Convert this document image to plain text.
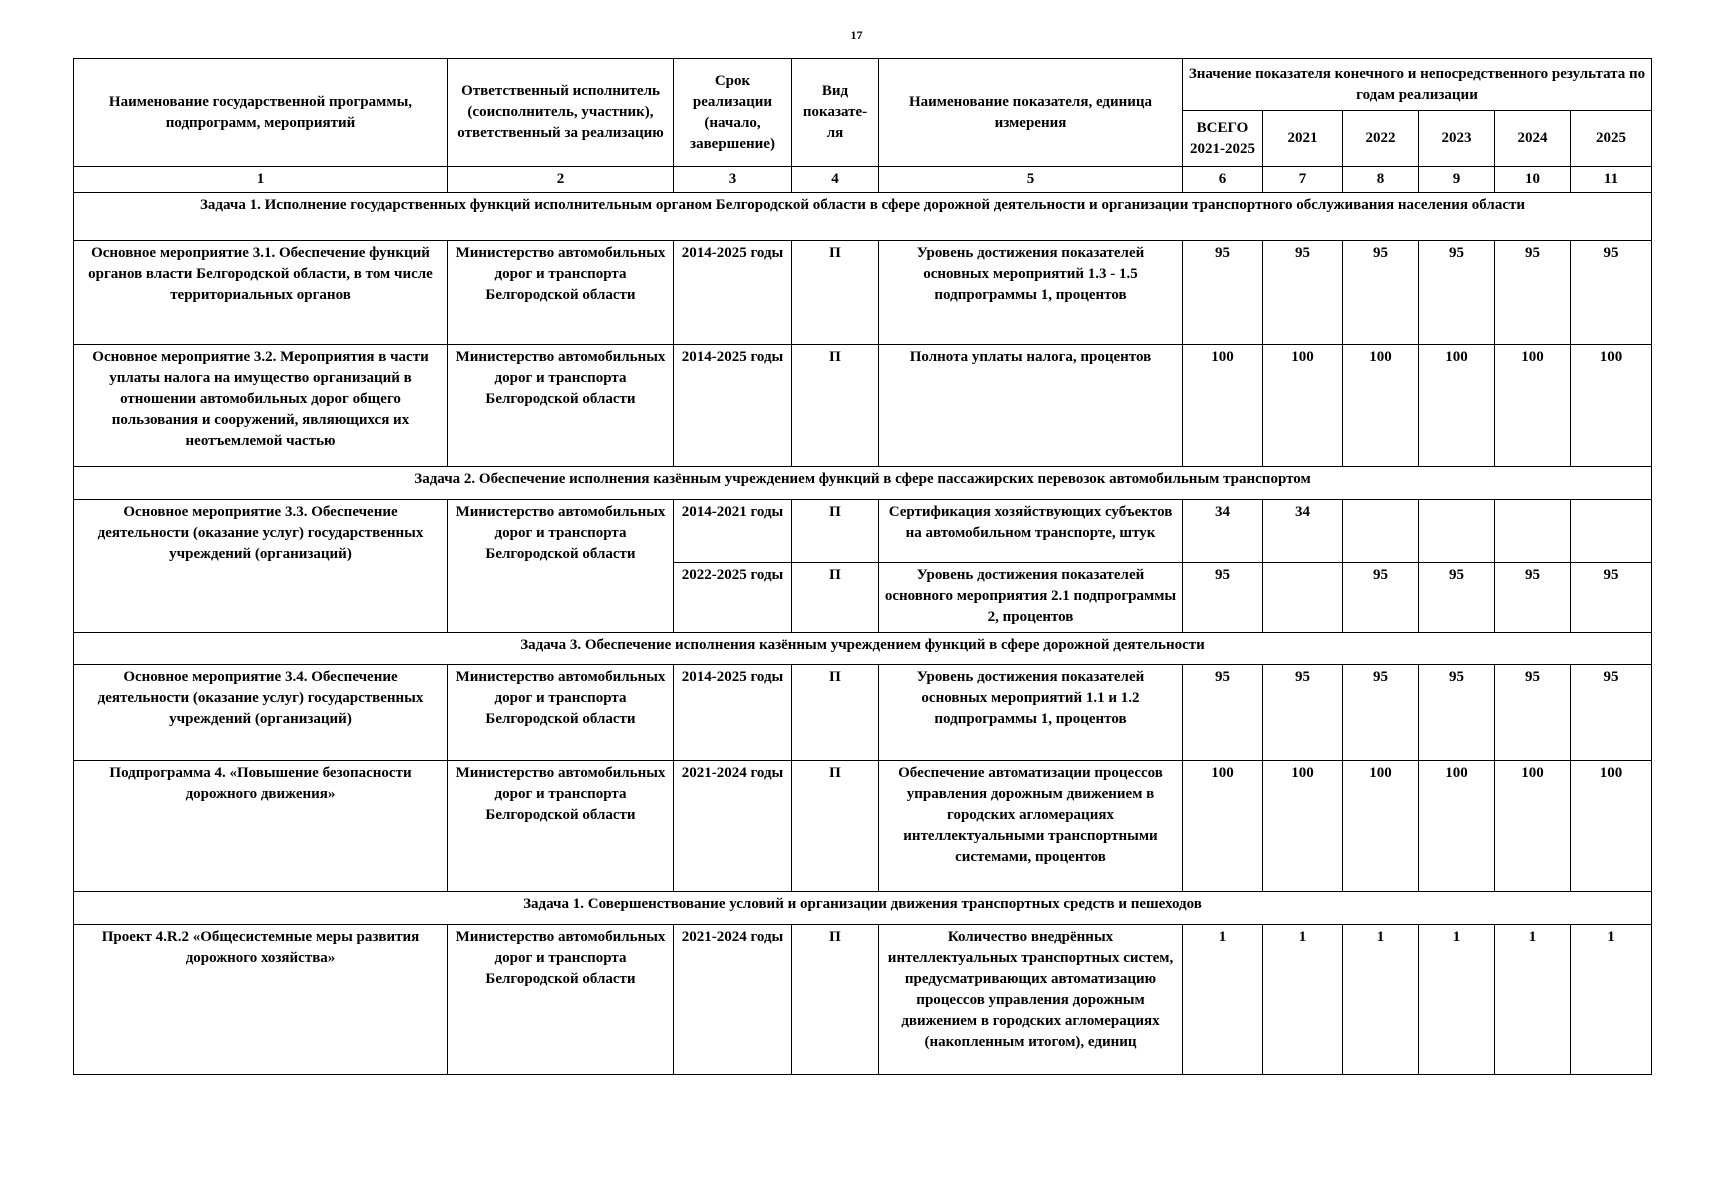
17
Наименование государственной программы, подпрограмм, мероприятий	Ответственный исполнитель (соисполнитель, участник), ответственный за реализацию	Срок реализации (начало, завершение)	Вид показате-ля	Наименование показателя, единица измерения	Значение показателя конечного и непосредственного результата по годам реализации					
					ВСЕГО 2021-2025	2021	2022	2023	2024	2025
1	2	3	4	5	6	7	8	9	10	11
Задача 1. Исполнение государственных функций исполнительным органом Белгородской области в сфере дорожной деятельности и организации транспортного обслуживания населения области										
Основное мероприятие 3.1. Обеспечение функций органов власти Белгородской области, в том числе территориальных органов	Министерство автомобильных дорог и транспорта Белгородской области	2014-2025 годы	П	Уровень достижения показателей основных мероприятий 1.3 - 1.5 подпрограммы 1, процентов	95	95	95	95	95	95
Основное мероприятие 3.2. Мероприятия в части уплаты налога на имущество организаций в отношении автомобильных дорог общего пользования и сооружений, являющихся их неотъемлемой частью	Министерство автомобильных дорог и транспорта Белгородской области	2014-2025 годы	П	Полнота уплаты налога, процентов	100	100	100	100	100	100
Задача 2. Обеспечение исполнения казённым учреждением функций в сфере пассажирских перевозок автомобильным транспортом										
Основное мероприятие 3.3. Обеспечение деятельности (оказание услуг) государственных учреждений (организаций)	Министерство автомобильных дорог и транспорта Белгородской области	2014-2021 годы	П	Сертификация хозяйствующих субъектов на автомобильном транспорте, штук	34	34				
		2022-2025 годы	П	Уровень достижения показателей основного мероприятия 2.1 подпрограммы 2, процентов	95		95	95	95	95
Задача 3. Обеспечение исполнения казённым учреждением функций в сфере дорожной деятельности										
Основное мероприятие 3.4. Обеспечение деятельности (оказание услуг) государственных учреждений (организаций)	Министерство автомобильных дорог и транспорта Белгородской области	2014-2025 годы	П	Уровень достижения показателей основных мероприятий 1.1 и 1.2 подпрограммы 1, процентов	95	95	95	95	95	95
Подпрограмма 4. «Повышение безопасности дорожного движения»	Министерство автомобильных дорог и транспорта Белгородской области	2021-2024 годы	П	Обеспечение автоматизации процессов управления дорожным движением в городских агломерациях интеллектуальными транспортными системами, процентов	100	100	100	100	100	100
Задача 1. Совершенствование условий и организации движения транспортных средств и пешеходов										
Проект 4.R.2 «Общесистемные меры развития дорожного хозяйства»	Министерство автомобильных дорог и транспорта Белгородской области	2021-2024 годы	П	Количество внедрённых интеллектуальных транспортных систем, предусматривающих автоматизацию процессов управления дорожным движением в городских агломерациях (накопленным итогом), единиц	1	1	1	1	1	1
